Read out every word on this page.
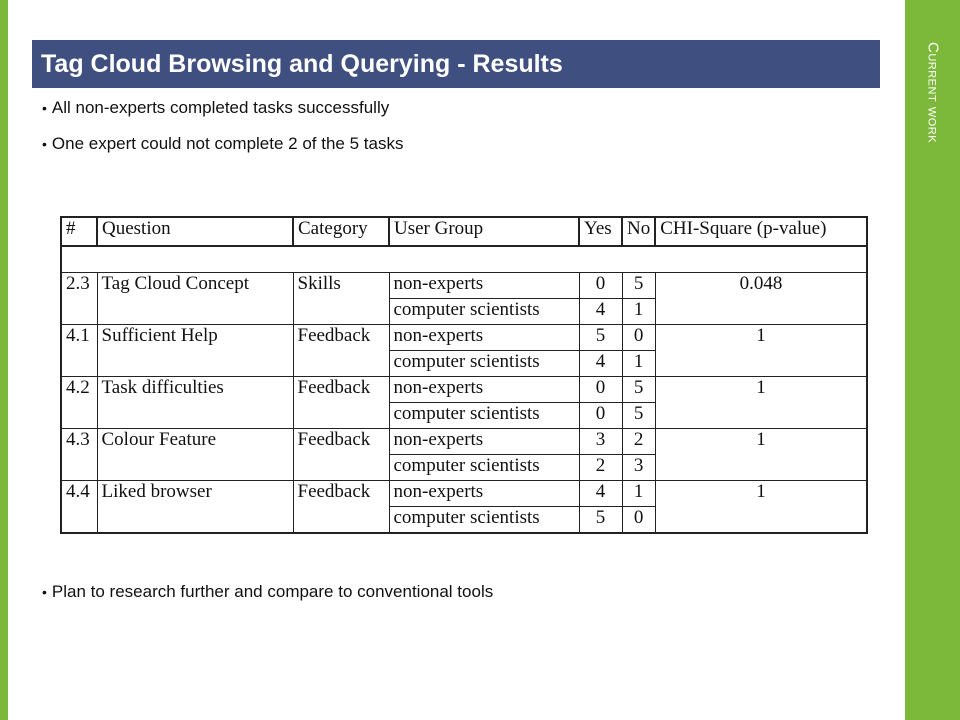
Current work
Tag Cloud Browsing and Querying - Results
• All non-experts completed tasks successfully
• One expert could not complete 2 of the 5 tasks
#	Question	Category	User Group	Yes	No	CHI-Square (p-value)

2.3	Tag Cloud Concept	Skills	non-experts	0	5	0.048
			computer scientists	4	1	
4.1	Sufficient Help	Feedback	non-experts	5	0	1
			computer scientists	4	1	
4.2	Task difficulties	Feedback	non-experts	0	5	1
			computer scientists	0	5	
4.3	Colour Feature	Feedback	non-experts	3	2	1
			computer scientists	2	3	
4.4	Liked browser	Feedback	non-experts	4	1	1
			computer scientists	5	0	
• Plan to research further and compare to conventional tools
